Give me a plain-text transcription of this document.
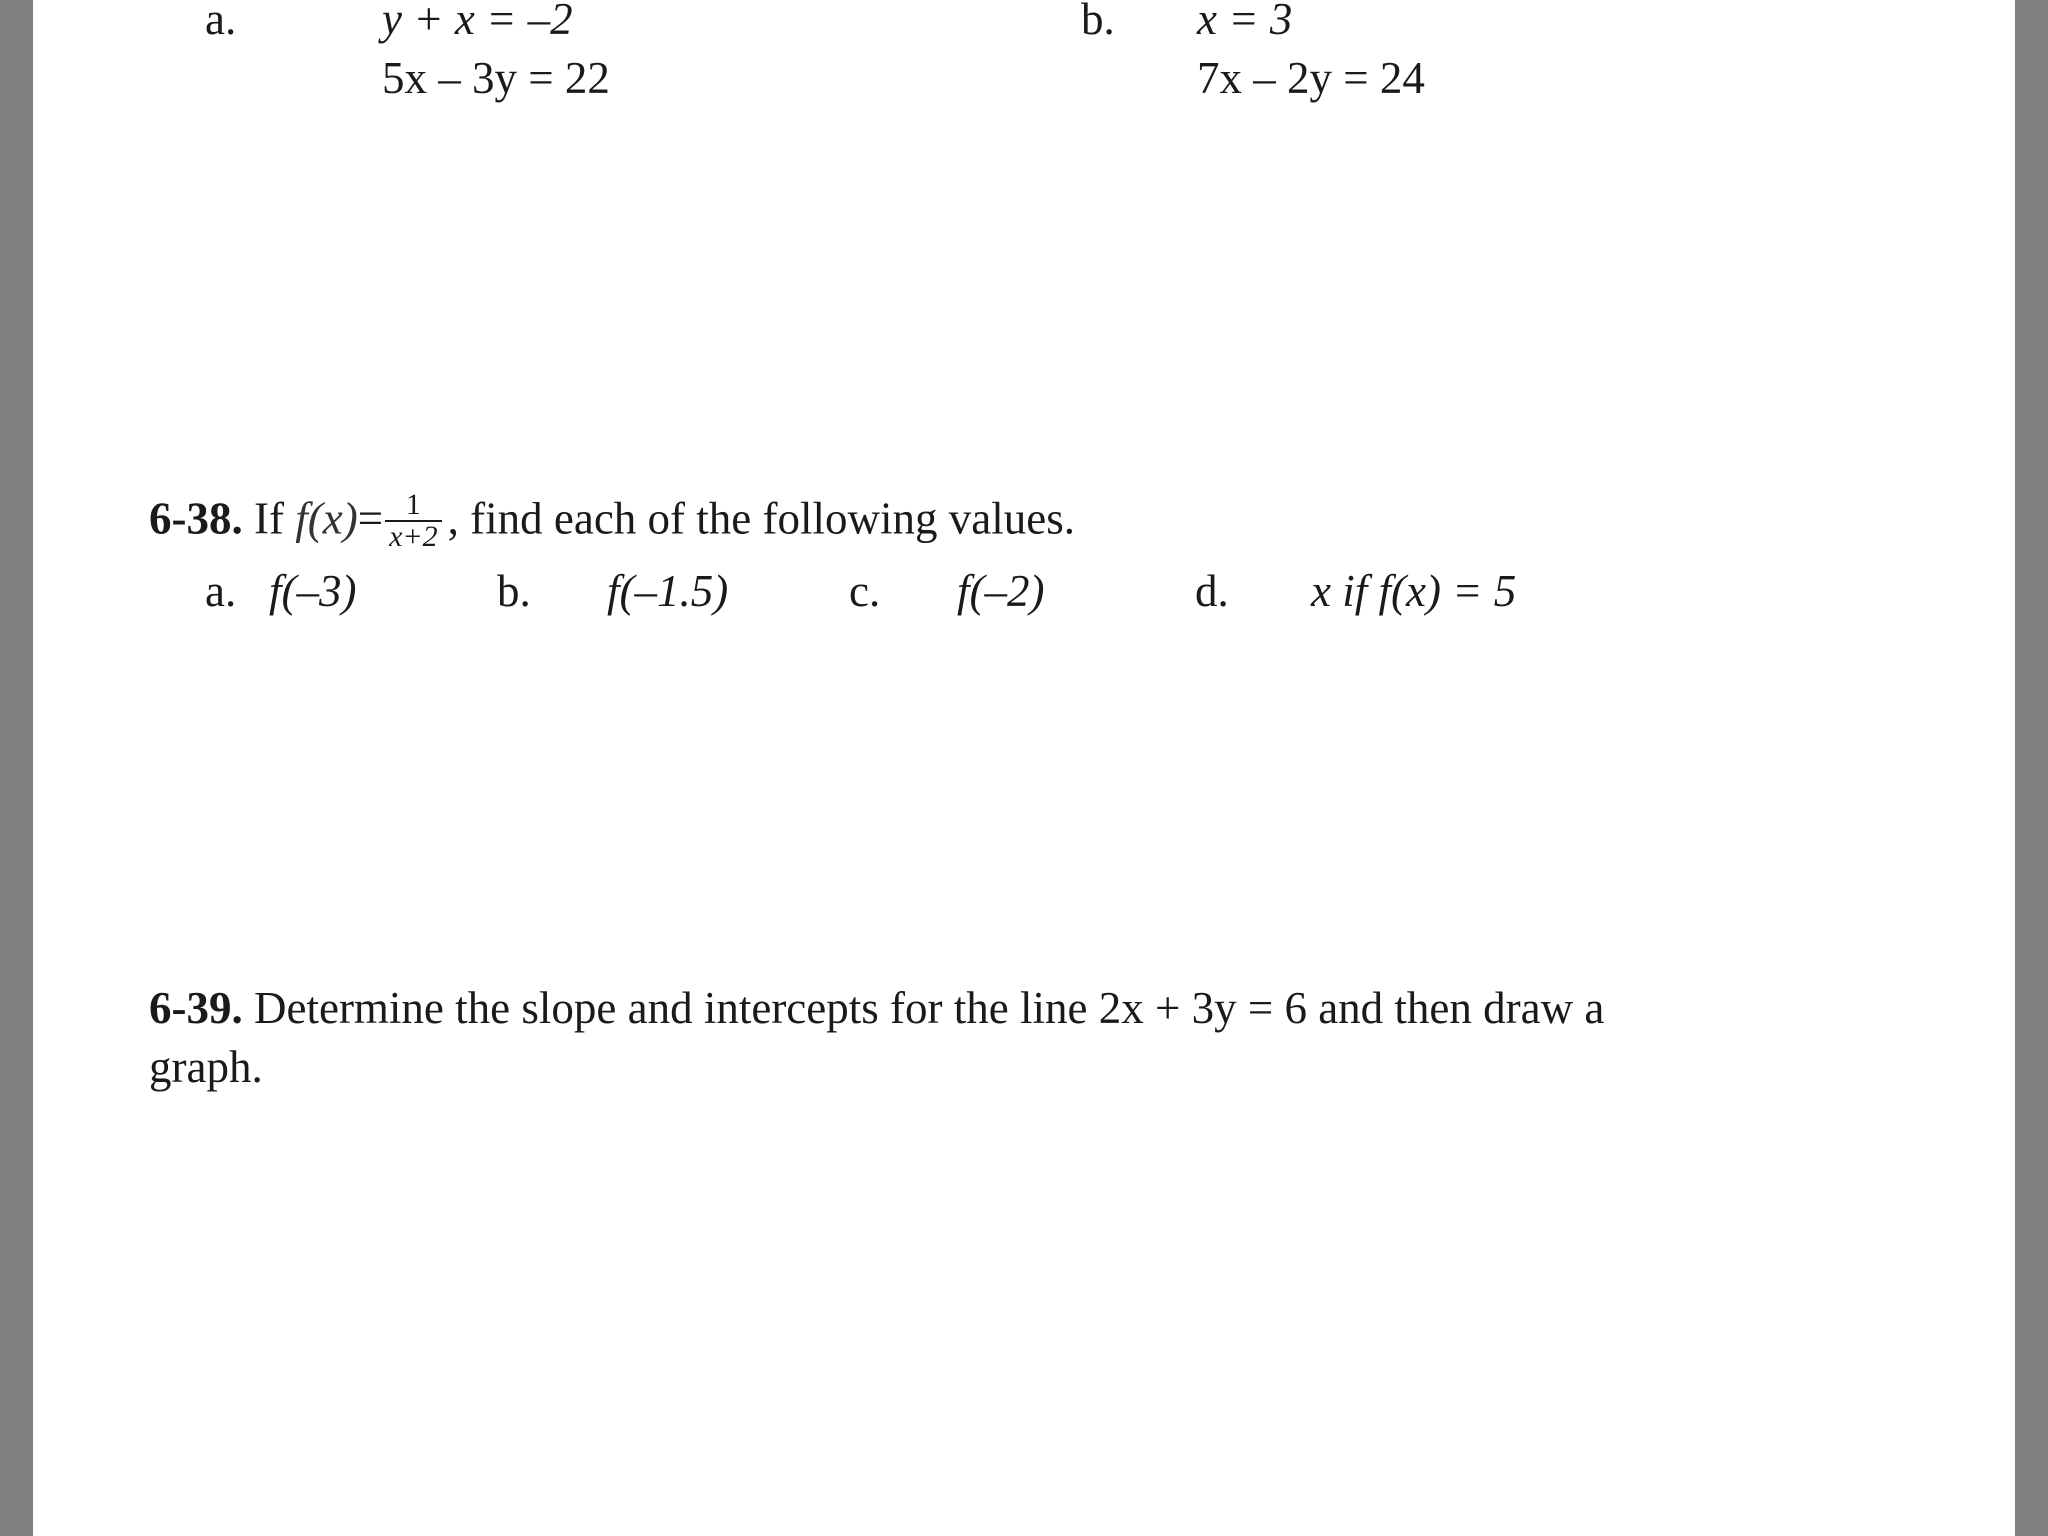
a.	y + x = –2
5x – 3y = 22
b. x = 3
7x – 2y = 24
6-38. If $f(x)= \frac{1}{x+2}$ , find each of the following values.
a. f(–3)	b. f(–1.5)	c. f(–2)	d. x if f(x) = 5
6-39. Determine the slope and intercepts for the line 2x + 3y = 6 and then draw a
graph.
